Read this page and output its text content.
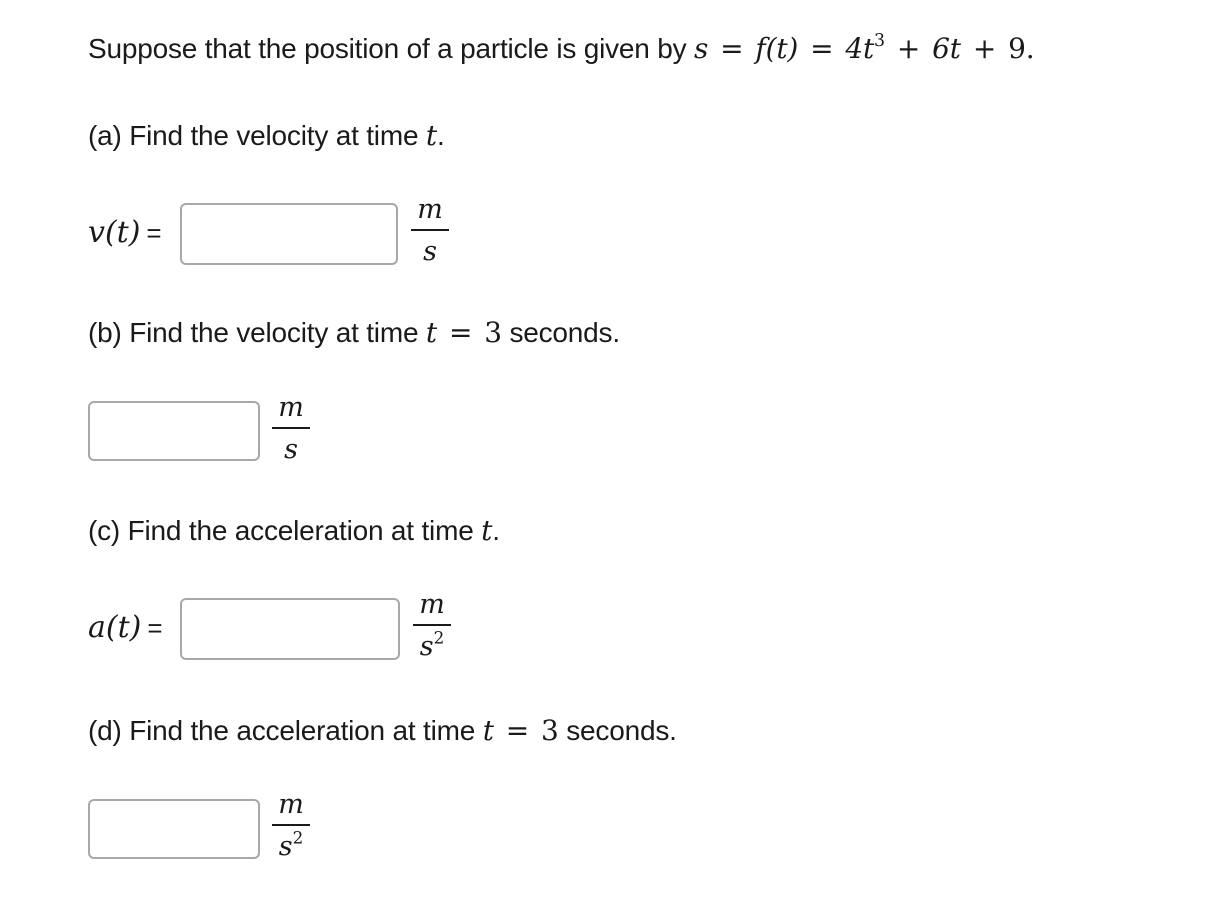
Suppose that the position of a particle is given by $s = f(t) = 4t^3 + 6t + 9$.
(a) Find the velocity at time t.
v(t) =
m
s
(b) Find the velocity at time t = 3 seconds.
m
s
(c) Find the acceleration at time t.
a(t) =
m
$s^2$
(d) Find the acceleration at time t = 3 seconds.
m
$s^2$
